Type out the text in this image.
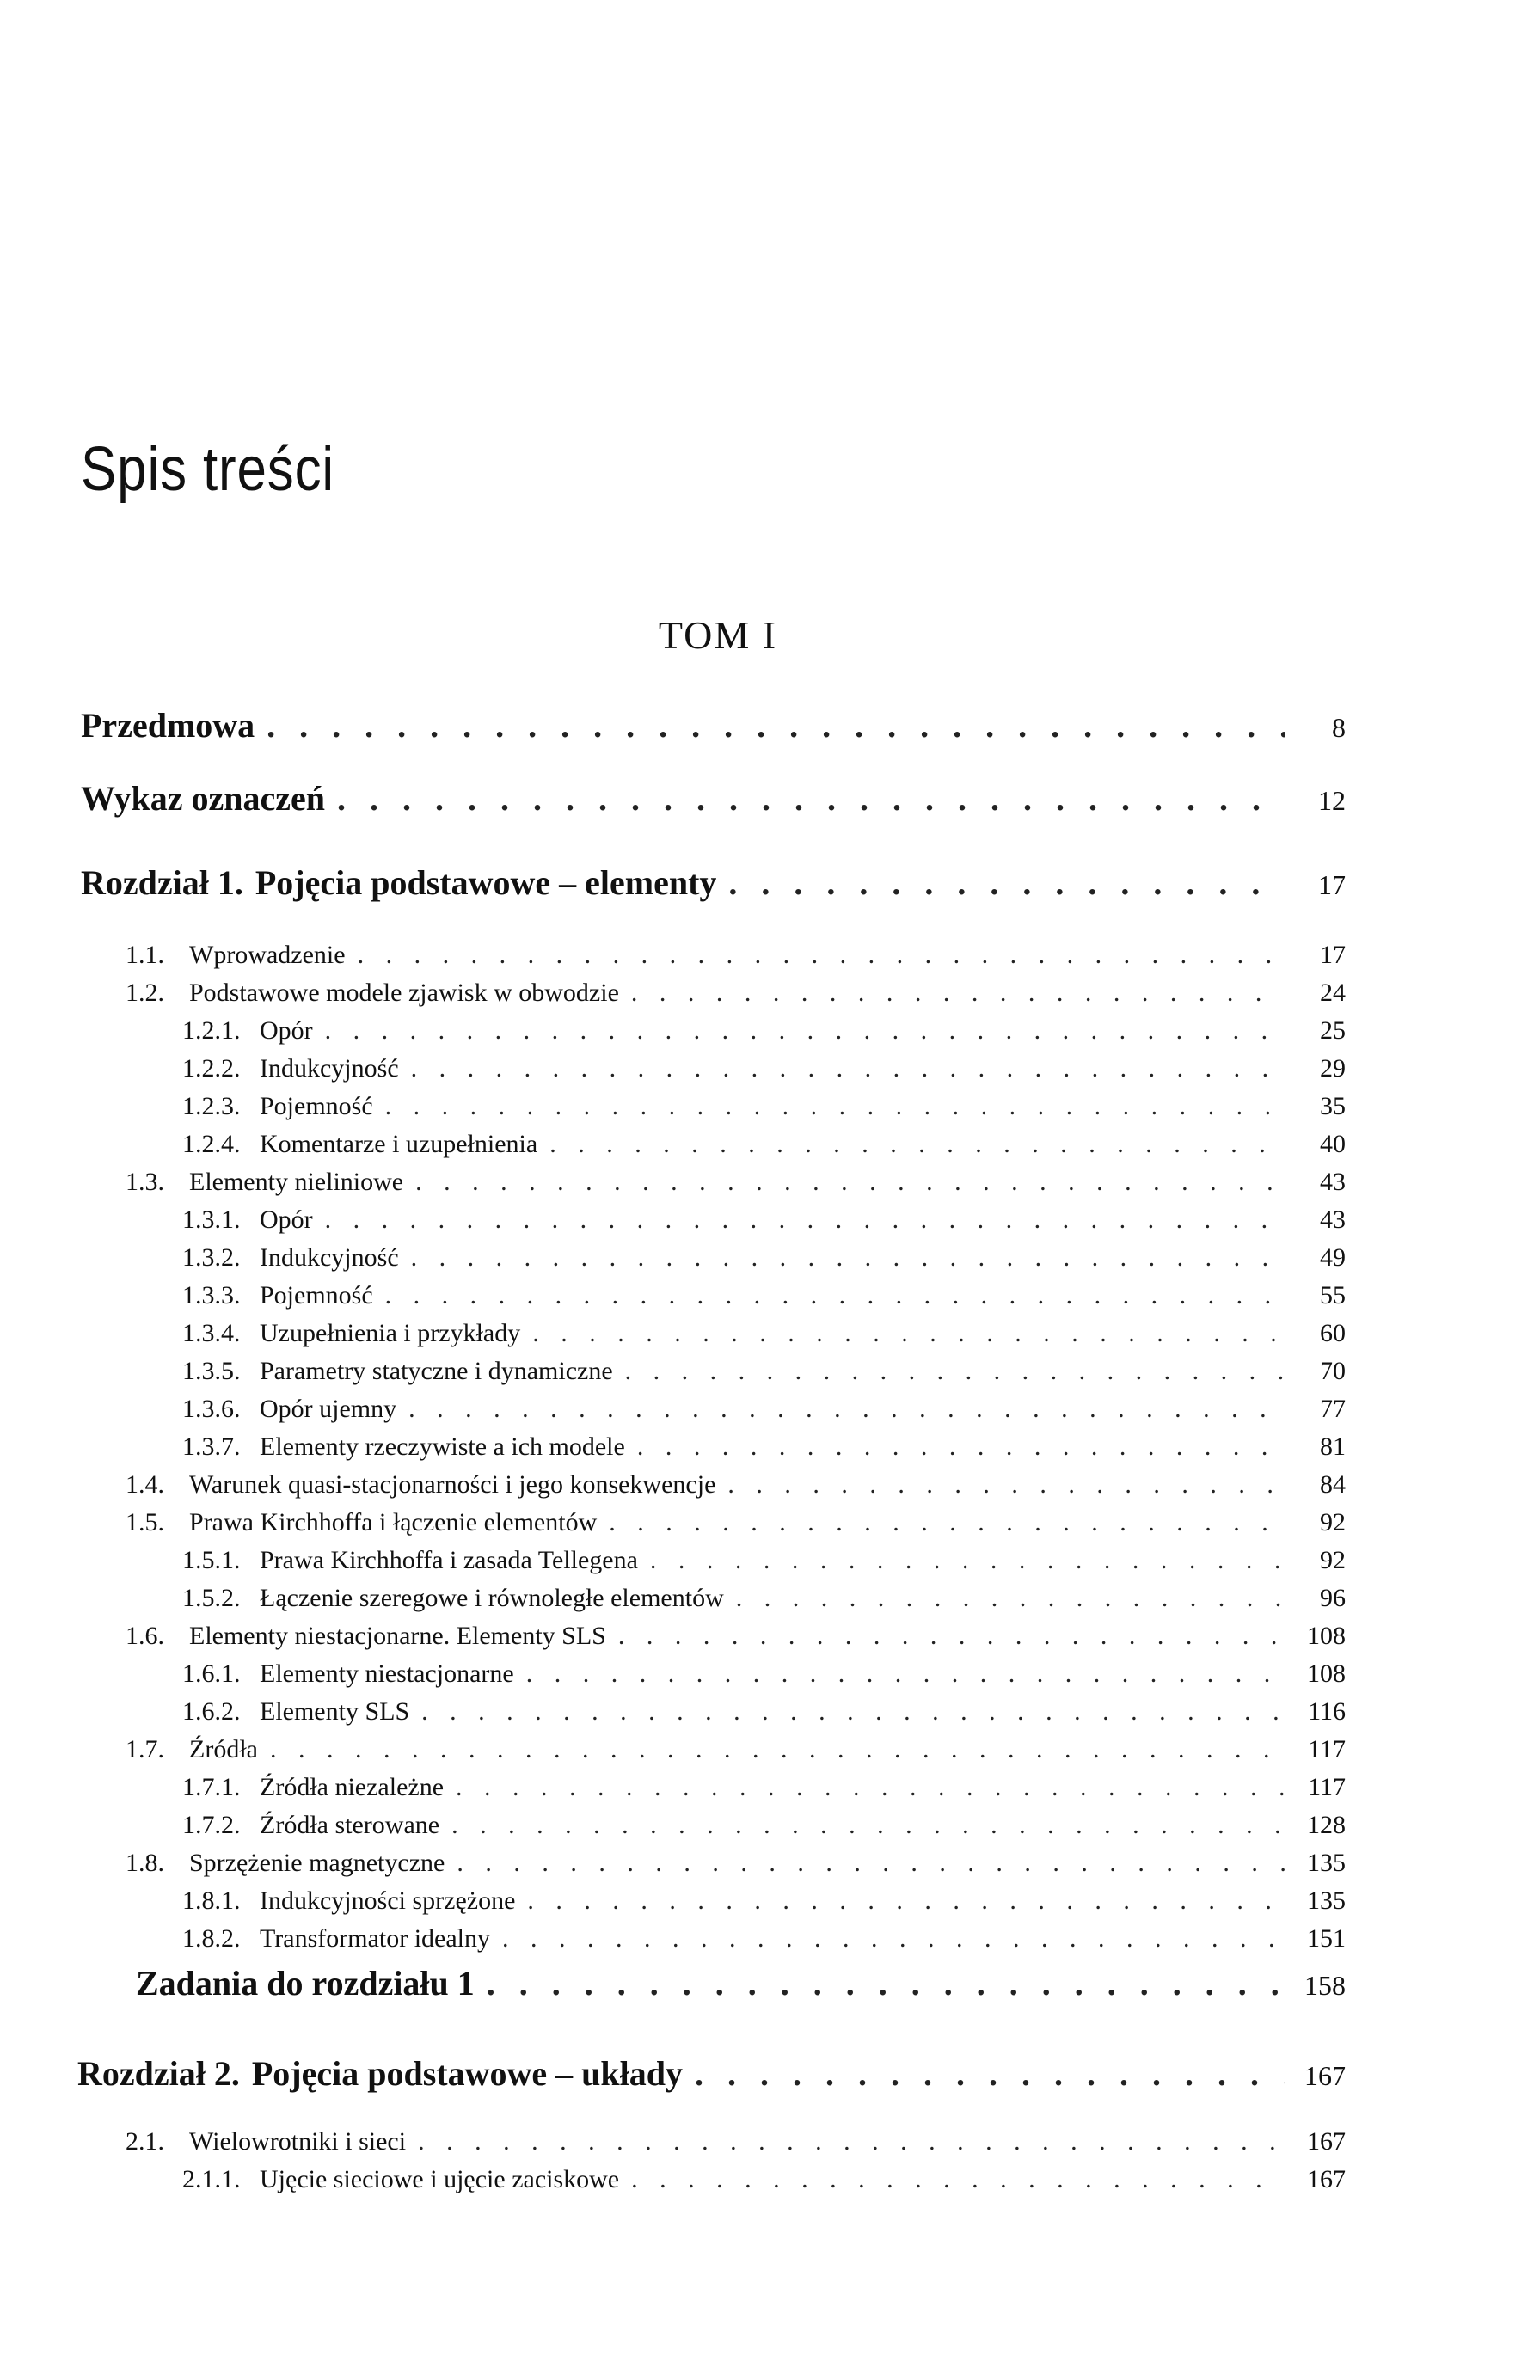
Spis treści
TOM I
Przedmowa . . .	8
Wykaz oznaczeń . . .	12
Rozdział 1. Pojęcia podstawowe – elementy . . .	17
1.1. Wprowadzenie . . .	17
1.2. Podstawowe modele zjawisk w obwodzie . . .	24
1.2.1. Opór . . .	25
1.2.2. Indukcyjność . . .	29
1.2.3. Pojemność . . .	35
1.2.4. Komentarze i uzupełnienia . . .	40
1.3. Elementy nieliniowe . . .	43
1.3.1. Opór . . .	43
1.3.2. Indukcyjność . . .	49
1.3.3. Pojemność . . .	55
1.3.4. Uzupełnienia i przykłady . . .	60
1.3.5. Parametry statyczne i dynamiczne . . .	70
1.3.6. Opór ujemny . . .	77
1.3.7. Elementy rzeczywiste a ich modele . . .	81
1.4. Warunek quasi-stacjonarności i jego konsekwencje . . .	84
1.5. Prawa Kirchhoffa i łączenie elementów . . .	92
1.5.1. Prawa Kirchhoffa i zasada Tellegena . . .	92
1.5.2. Łączenie szeregowe i równoległe elementów . . .	96
1.6. Elementy niestacjonarne. Elementy SLS . . .	108
1.6.1. Elementy niestacjonarne . . .	108
1.6.2. Elementy SLS . . .	116
1.7. Źródła . . .	117
1.7.1. Źródła niezależne . . .	117
1.7.2. Źródła sterowane . . .	128
1.8. Sprzężenie magnetyczne . . .	135
1.8.1. Indukcyjności sprzężone . . .	135
1.8.2. Transformator idealny . . .	151
Zadania do rozdziału 1 . . .	158
Rozdział 2. Pojęcia podstawowe – układy . . .	167
2.1. Wielowrotniki i sieci . . .	167
2.1.1. Ujęcie sieciowe i ujęcie zaciskowe . . .	167
